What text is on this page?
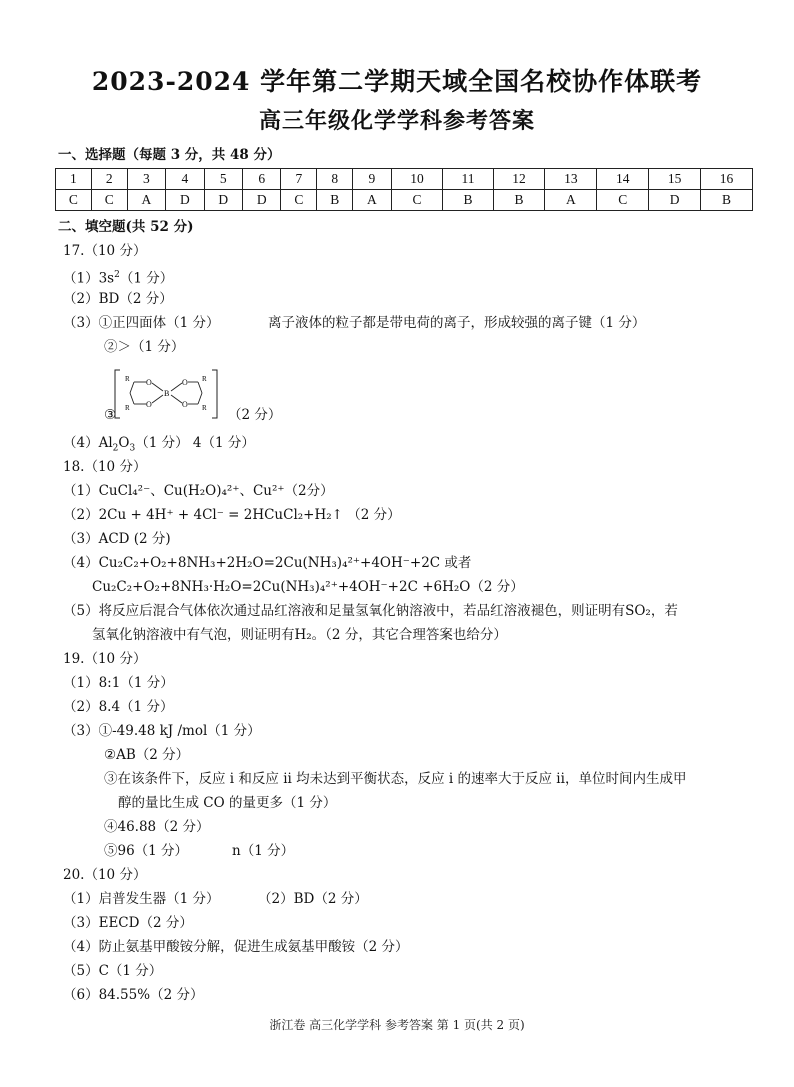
2023-2024 学年第二学期天域全国名校协作体联考
高三年级化学学科参考答案
一、选择题（每题 3 分，共 48 分）
1	2	3	4	5	6	7	8	9	10	11	12	13	14	15	16
C	C	A	D	D	D	C	B	A	C	B	B	A	C	D	B
二、填空题(共 52 分)
17.（10 分）
$(1)3s^2(1$ 分）
（2）BD（2 分）
（3）①正四面体（1 分）	离子液体的粒子都是带电荷的离子，形成较强的离子键（1 分）
②＞（1 分）
③
O
O
B
O
O
R
R
R
R （2 分）
$(4)Al_2O_3(1$ 分） 4（1 分）
18.（10 分）
（1）CuCl₄²⁻、Cu(H₂O)₄²⁺、Cu²⁺（2分）
（2）2Cu + 4H⁺ + 4Cl⁻ = 2HCuCl₂+H₂↑ （2 分）
（3）ACD (2 分)
（4）Cu₂C₂+O₂+8NH₃+2H₂O=2Cu(NH₃)₄²⁺+4OH⁻+2C 或者
Cu₂C₂+O₂+8NH₃·H₂O=2Cu(NH₃)₄²⁺+4OH⁻+2C +6H₂O（2 分）
（5）将反应后混合气体依次通过品红溶液和足量氢氧化钠溶液中，若品红溶液褪色，则证明有SO₂，若
氢氧化钠溶液中有气泡，则证明有H₂。（2 分，其它合理答案也给分）
19.（10 分）
（1）8:1（1 分）
（2）8.4（1 分）
（3）①-49.48 kJ /mol（1 分）
②AB（2 分）
③在该条件下，反应 i 和反应 ii 均未达到平衡状态，反应 i 的速率大于反应 ii，单位时间内生成甲
醇的量比生成 CO 的量更多（1 分）
④46.88（2 分）
⑤96（1 分）	n（1 分）
20.（10 分）
（1）启普发生器（1 分）	（2）BD（2 分）
（3）EECD（2 分）
（4）防止氨基甲酸铵分解，促进生成氨基甲酸铵（2 分）
（5）C（1 分）
（6）84.55%（2 分）
浙江卷 高三化学学科 参考答案 第 1 页(共 2 页)
